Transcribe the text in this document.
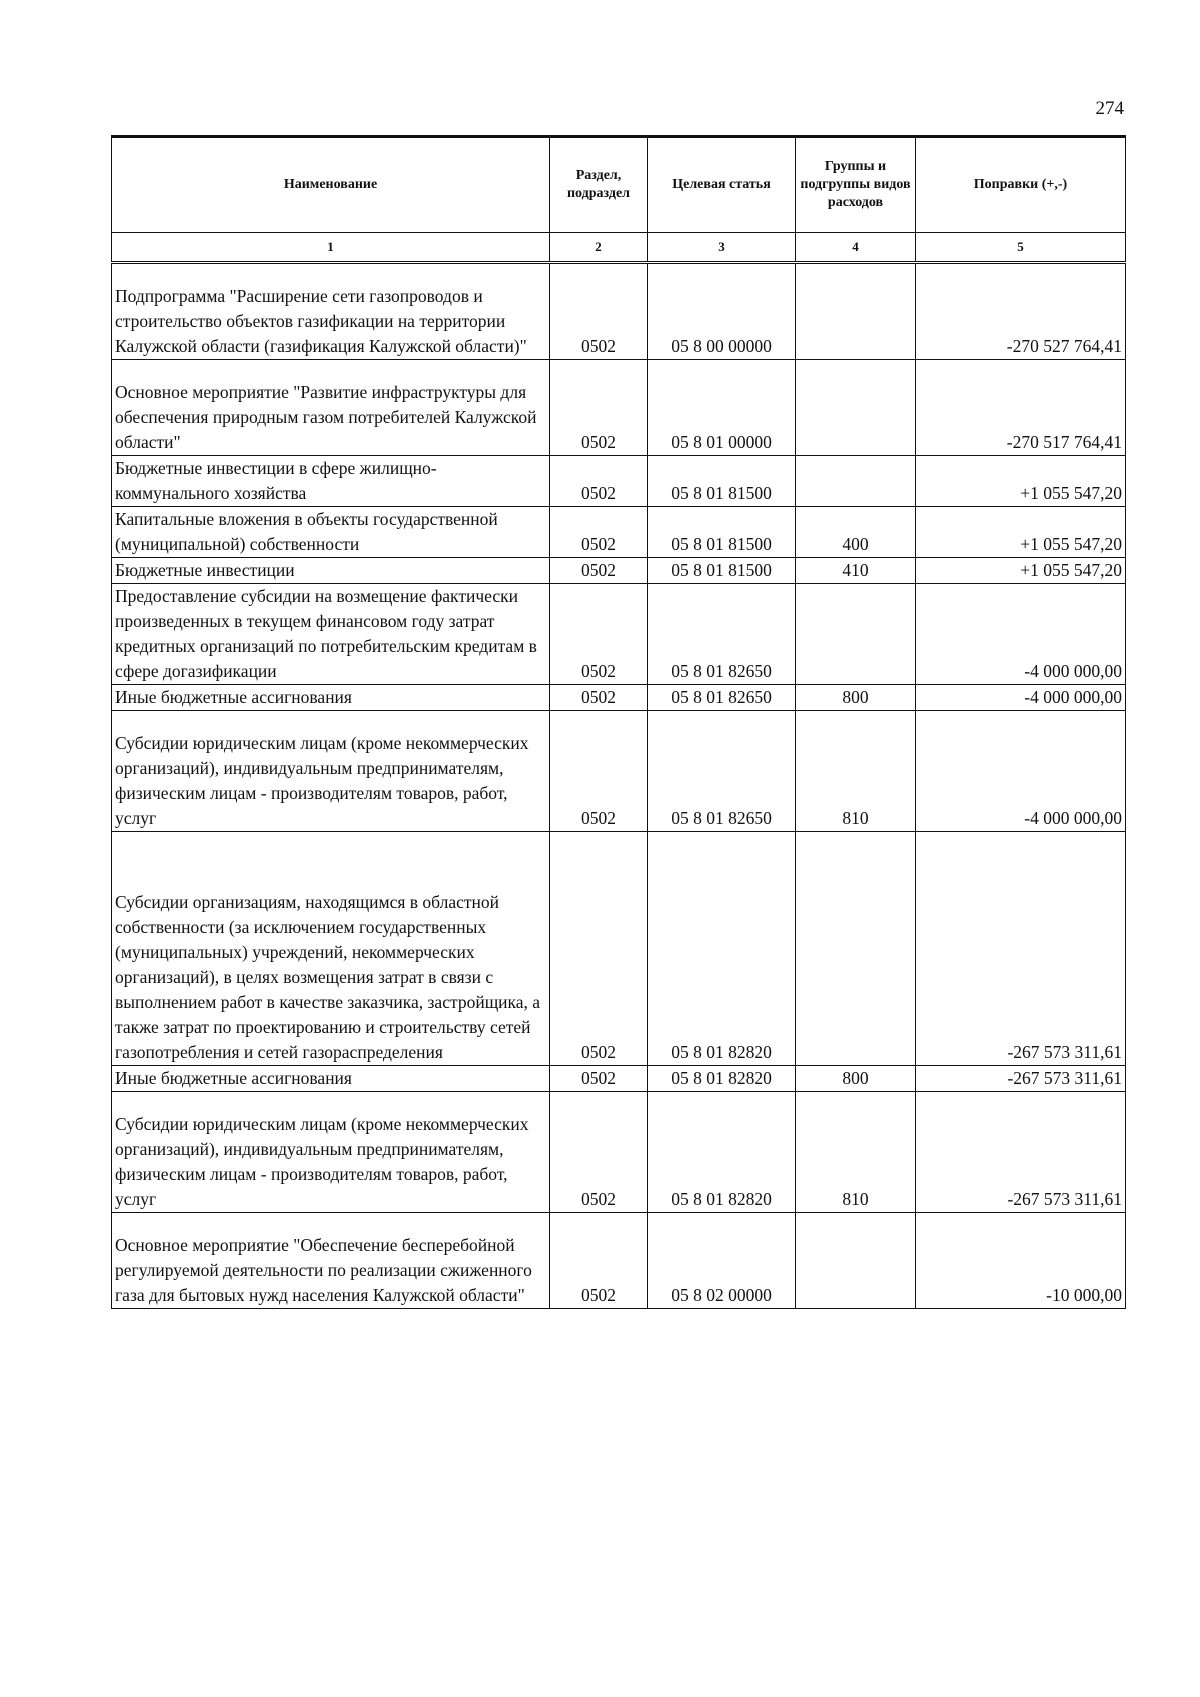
274
Наименование	Раздел, подраздел	Целевая статья	Группы и подгруппы видов расходов	Поправки (+,-)
1	2	3	4	5
Подпрограмма "Расширение сети газопроводов и строительство объектов газификации на территории Калужской области (газификация Калужской области)"	0502	05 8 00 00000		-270 527 764,41
Основное мероприятие "Развитие инфраструктуры для обеспечения природным газом потребителей Калужской области"	0502	05 8 01 00000		-270 517 764,41
Бюджетные инвестиции в сфере жилищно-коммунального хозяйства	0502	05 8 01 81500		+1 055 547,20
Капитальные вложения в объекты государственной (муниципальной) собственности	0502	05 8 01 81500	400	+1 055 547,20
Бюджетные инвестиции	0502	05 8 01 81500	410	+1 055 547,20
Предоставление субсидии на возмещение фактически произведенных в текущем финансовом году затрат кредитных организаций по потребительским кредитам в сфере догазификации	0502	05 8 01 82650		-4 000 000,00
Иные бюджетные ассигнования	0502	05 8 01 82650	800	-4 000 000,00
Субсидии юридическим лицам (кроме некоммерческих организаций), индивидуальным предпринимателям, физическим лицам - производителям товаров, работ, услуг	0502	05 8 01 82650	810	-4 000 000,00
Субсидии организациям, находящимся в областной собственности (за исключением государственных (муниципальных) учреждений, некоммерческих организаций), в целях возмещения затрат в связи с выполнением работ в качестве заказчика, застройщика, а также затрат по проектированию и строительству сетей газопотребления и сетей газораспределения	0502	05 8 01 82820		-267 573 311,61
Иные бюджетные ассигнования	0502	05 8 01 82820	800	-267 573 311,61
Субсидии юридическим лицам (кроме некоммерческих организаций), индивидуальным предпринимателям, физическим лицам - производителям товаров, работ, услуг	0502	05 8 01 82820	810	-267 573 311,61
Основное мероприятие "Обеспечение бесперебойной регулируемой деятельности по реализации сжиженного газа для бытовых нужд населения Калужской области"	0502	05 8 02 00000		-10 000,00
